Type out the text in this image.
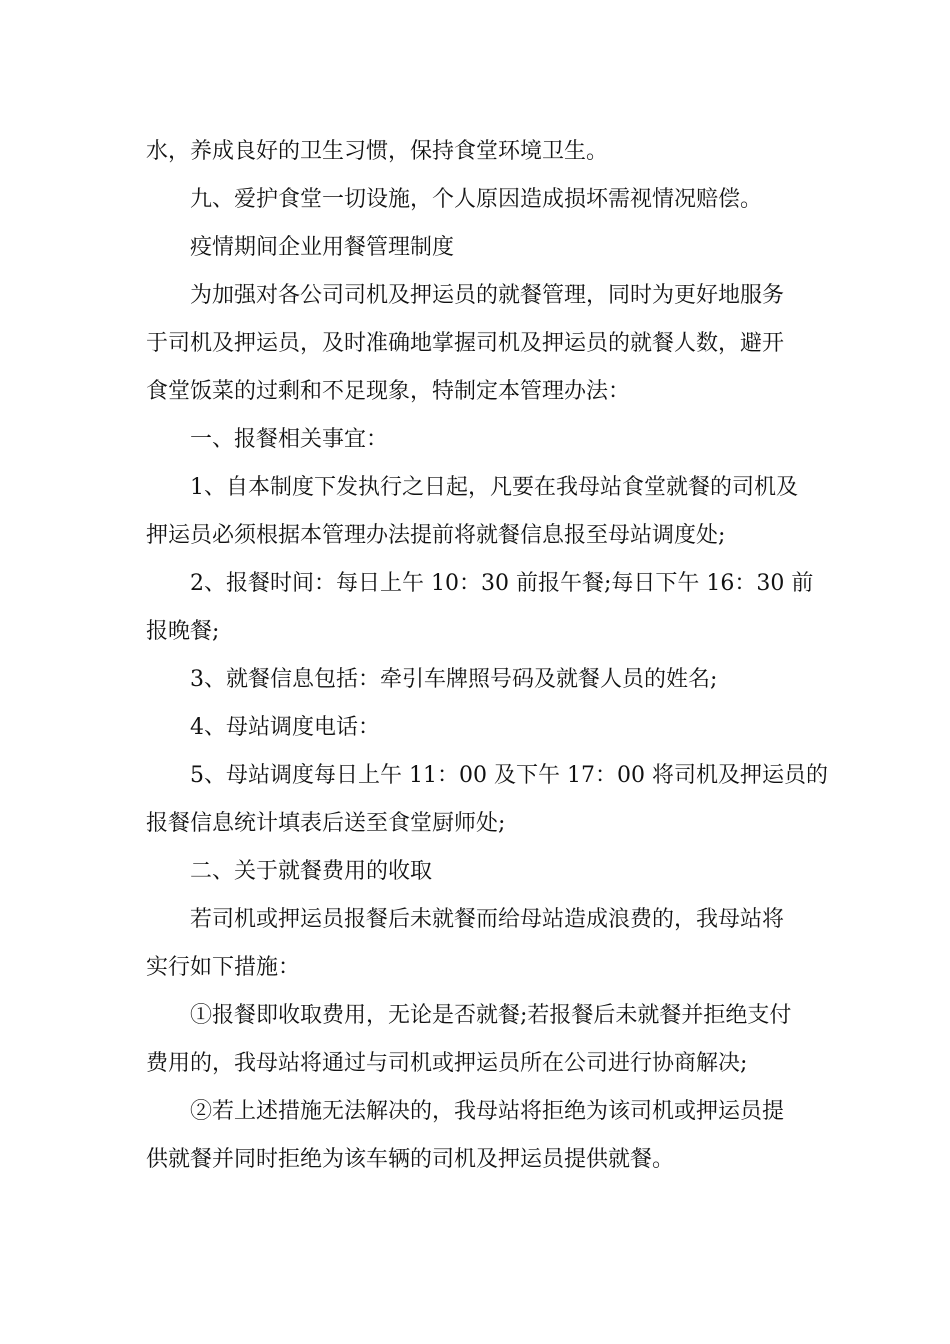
水，养成良好的卫生习惯，保持食堂环境卫生。
九、爱护食堂一切设施，个人原因造成损坏需视情况赔偿。
疫情期间企业用餐管理制度
为加强对各公司司机及押运员的就餐管理，同时为更好地服务
于司机及押运员，及时准确地掌握司机及押运员的就餐人数，避开
食堂饭菜的过剩和不足现象，特制定本管理办法：
一、报餐相关事宜：
1、自本制度下发执行之日起，凡要在我母站食堂就餐的司机及
押运员必须根据本管理办法提前将就餐信息报至母站调度处;
2、报餐时间：每日上午 10：30 前报午餐;每日下午 16：30 前
报晚餐;
3、就餐信息包括：牵引车牌照号码及就餐人员的姓名;
4、母站调度电话：
5、母站调度每日上午 11：00 及下午 17：00 将司机及押运员的
报餐信息统计填表后送至食堂厨师处;
二、关于就餐费用的收取
若司机或押运员报餐后未就餐而给母站造成浪费的，我母站将
实行如下措施：
①报餐即收取费用，无论是否就餐;若报餐后未就餐并拒绝支付
费用的，我母站将通过与司机或押运员所在公司进行协商解决;
②若上述措施无法解决的，我母站将拒绝为该司机或押运员提
供就餐并同时拒绝为该车辆的司机及押运员提供就餐。
